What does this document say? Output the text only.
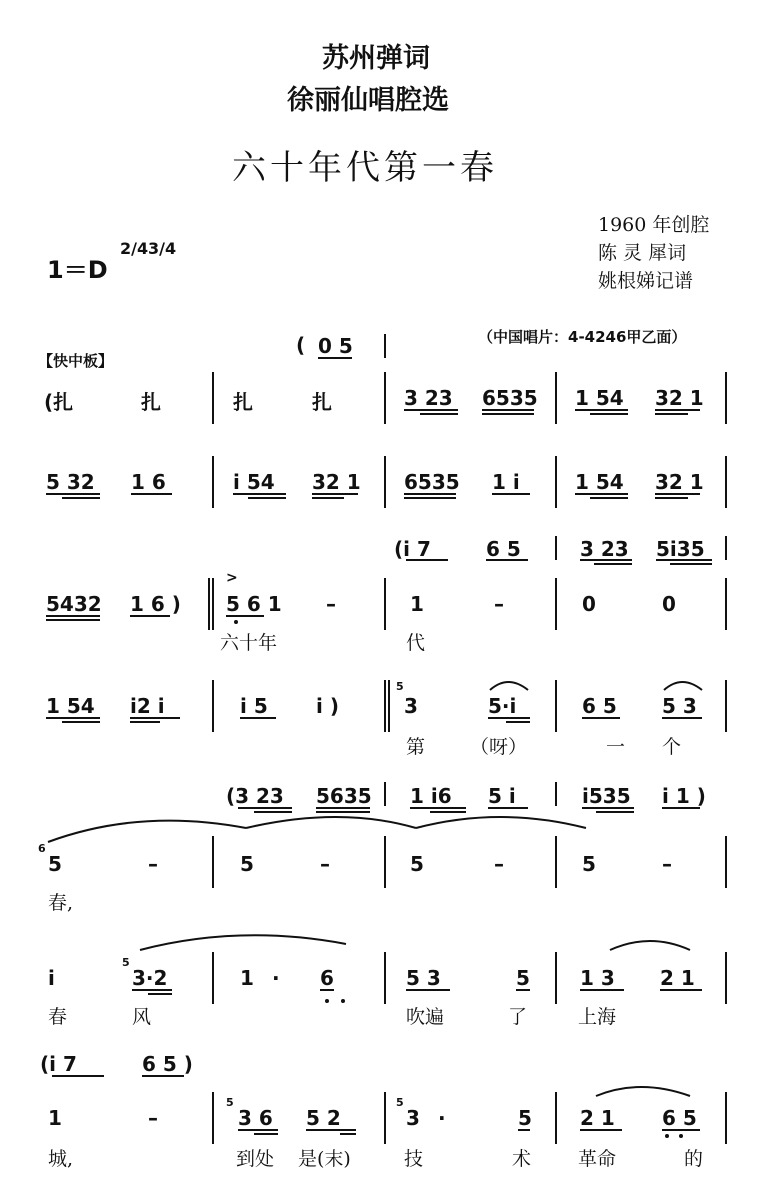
苏州弹词
徐丽仙唱腔选
六十年代第一春
1＝D
2/4 3/4
1960 年创腔
陈 灵 犀词
姚根娣记谱
（中国唱片：4-4246甲乙面）
【快中板】
( 0 5
(扎	扎	扎	扎	3 23 6535 1 54 32 1
5 32 1 6	i 54 32 1 6535 1 i	1 54 32 1
(i 7	6 5	3 23 5i35
5432 1 6 )
>
5 6 1 –	1	–	0	0
六十年	代
1 54 i2 i	i 5 i )
5
3	5·i	6 5 5 3
第 （呀）	一 个
(3 23 5635 1 i6 5 i	i535 i 1 )
6
5	–	5	–	5	–	5	–
春,
i
5
3·2	1 · 6	5 3	5	1 3 2 1
春	风	吹遍	了	上海
(i 7	6 5 )
1	–
5
3 6 5 2
5
3 ·	5 2 1 6 5
城,	到处 是(末)	技	术 革命	的
